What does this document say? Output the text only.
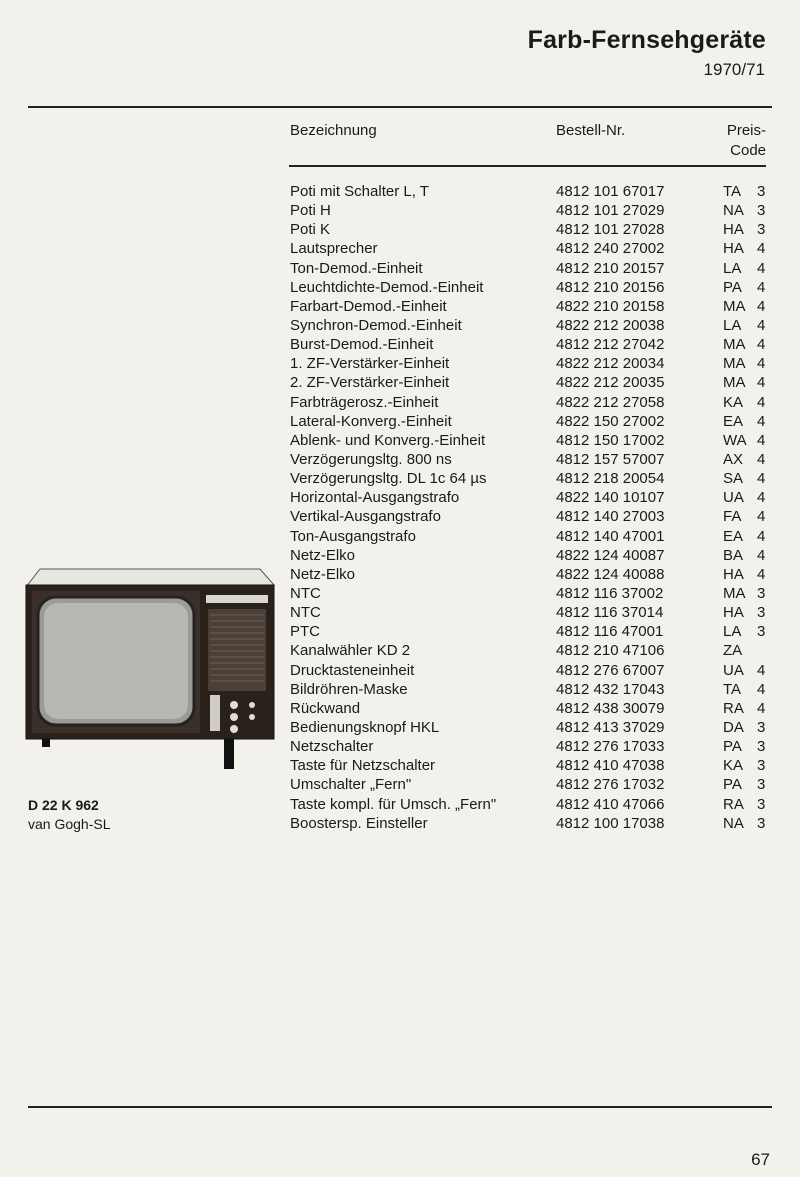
Farb-Fernsehgeräte
1970/71
Bezeichnung	Bestell-Nr.	Preis-
Code
Poti mit Schalter L, T	4812 101 67017	TA 3
Poti H	4812 101 27029	NA 3
Poti K	4812 101 27028	HA 3
Lautsprecher	4812 240 27002	HA 4
Ton-Demod.-Einheit	4812 210 20157	LA 4
Leuchtdichte-Demod.-Einheit	4812 210 20156	PA 4
Farbart-Demod.-Einheit	4822 210 20158	MA 4
Synchron-Demod.-Einheit	4822 212 20038	LA 4
Burst-Demod.-Einheit	4812 212 27042	MA 4
1. ZF-Verstärker-Einheit	4822 212 20034	MA 4
2. ZF-Verstärker-Einheit	4822 212 20035	MA 4
Farbträgerosz.-Einheit	4822 212 27058	KA 4
Lateral-Konverg.-Einheit	4822 150 27002	EA 4
Ablenk- und Konverg.-Einheit	4812 150 17002	WA 4
Verzögerungsltg. 800 ns	4812 157 57007	AX 4
Verzögerungsltg. DL 1c 64 µs	4812 218 20054	SA 4
Horizontal-Ausgangstrafo	4822 140 10107	UA 4
Vertikal-Ausgangstrafo	4812 140 27003	FA 4
Ton-Ausgangstrafo	4812 140 47001	EA 4
Netz-Elko	4822 124 40087	BA 4
Netz-Elko	4822 124 40088	HA 4
NTC	4812 116 37002	MA 3
NTC	4812 116 37014	HA 3
PTC	4812 116 47001	LA 3
Kanalwähler KD 2	4812 210 47106	ZA
Drucktasteneinheit	4812 276 67007	UA 4
Bildröhren-Maske	4812 432 17043	TA 4
Rückwand	4812 438 30079	RA 4
Bedienungsknopf HKL	4812 413 37029	DA 3
Netzschalter	4812 276 17033	PA 3
Taste für Netzschalter	4812 410 47038	KA 3
Umschalter „Fern"	4812 276 17032	PA 3
Taste kompl. für Umsch. „Fern"	4812 410 47066	RA 3
Boostersp. Einsteller	4812 100 17038	NA 3
D 22 K 962
van Gogh-SL
67
